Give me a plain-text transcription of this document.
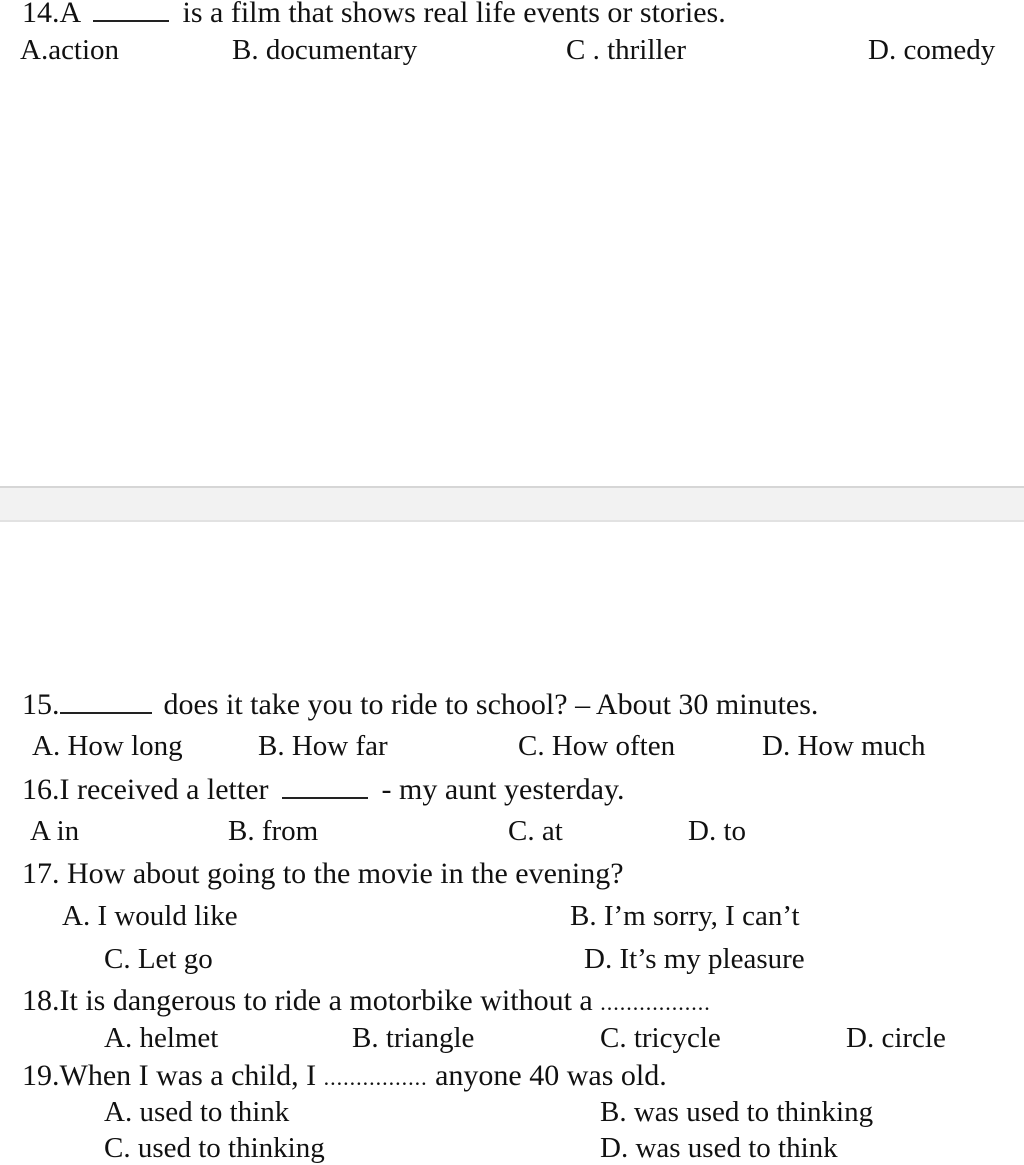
14.A	is a film that shows real life events or stories.
A.action	B. documentary	C . thriller	D. comedy
15.	does it take you to ride to school? – About 30 minutes.
A. How long	B. How far	C. How often	D. How much
16.I received a letter	- my aunt yesterday.
A in	B. from	C. at	D. to
17. How about going to the movie in the evening?
A. I would like	B. I’m sorry, I can’t
C. Let go	D. It’s my pleasure
18.It is dangerous to ride a motorbike without a .................
A. helmet	B. triangle	C. tricycle	D. circle
19.When I was a child, I ................ anyone 40 was old.
A. used to think	B. was used to thinking
C. used to thinking	D. was used to think
